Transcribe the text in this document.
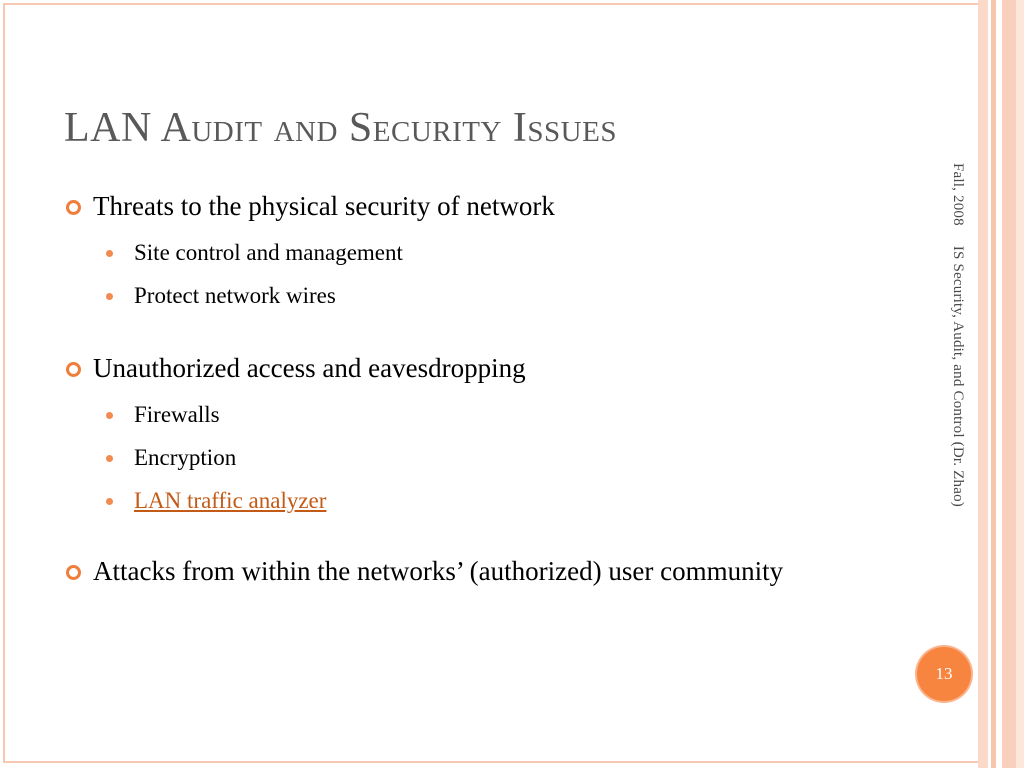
LAN Audit and Security Issues
Threats to the physical security of network
Site control and management
Protect network wires
Unauthorized access and eavesdropping
Firewalls
Encryption
LAN traffic analyzer
Attacks from within the networks’ (authorized) user community
Fall, 2008IS Security, Audit, and Control (Dr. Zhao)
13
